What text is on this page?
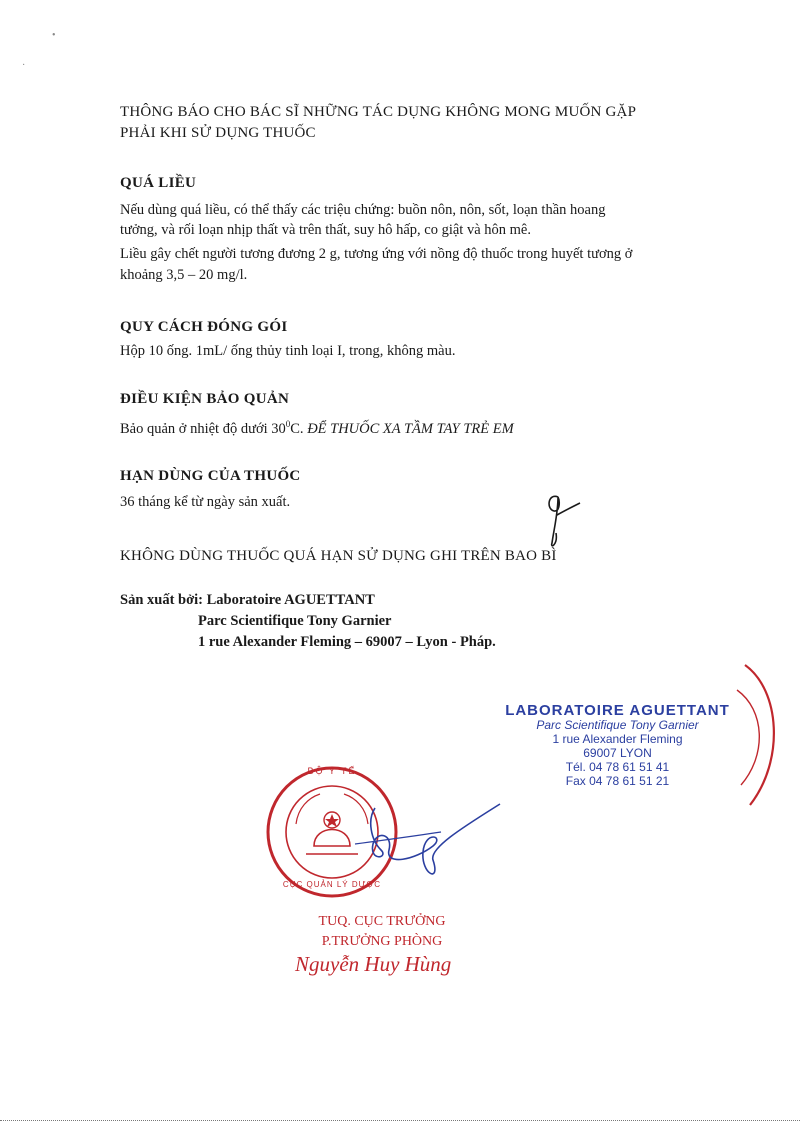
•
·

THÔNG BÁO CHO BÁC SĨ NHỮNG TÁC DỤNG KHÔNG MONG MUỐN GẶP

PHẢI KHI SỬ DỤNG THUỐC

QUÁ LIỀU

Nếu dùng quá liều, có thể thấy các triệu chứng: buồn nôn, nôn, sốt, loạn thần hoang

tưởng, và rối loạn nhịp thất và trên thất, suy hô hấp, co giật và hôn mê.

Liều gây chết người tương đương 2 g, tương ứng với nồng độ thuốc trong huyết tương ở

khoảng 3,5 – 20 mg/l.

QUY CÁCH ĐÓNG GÓI

Hộp 10 ống. 1mL/ ống thủy tinh loại I, trong, không màu.

ĐIỀU KIỆN BẢO QUẢN

Bảo quản ở nhiệt độ dưới $30^0C$. ĐỂ THUỐC XA TẦM TAY TRẺ EM

HẠN DÙNG CỦA THUỐC

36 tháng kể từ ngày sản xuất.

KHÔNG DÙNG THUỐC QUÁ HẠN SỬ DỤNG GHI TRÊN BAO BÌ

Sản xuất bởi: Laboratoire AGUETTANT
Parc Scientifique Tony Garnier
1 rue Alexander Fleming – 69007 – Lyon - Pháp.
LABORATOIRE AGUETTANT
Parc Scientifique Tony Garnier
1 rue Alexander Fleming
69007 LYON
Tél. 04 78 61 51 41
Fax 04 78 61 51 21
BỘ Y TẾ
CỤC QUẢN LÝ DƯỢC
TUQ. CỤC TRƯỞNG
P.TRƯỞNG PHÒNG
Nguyễn Huy Hùng
